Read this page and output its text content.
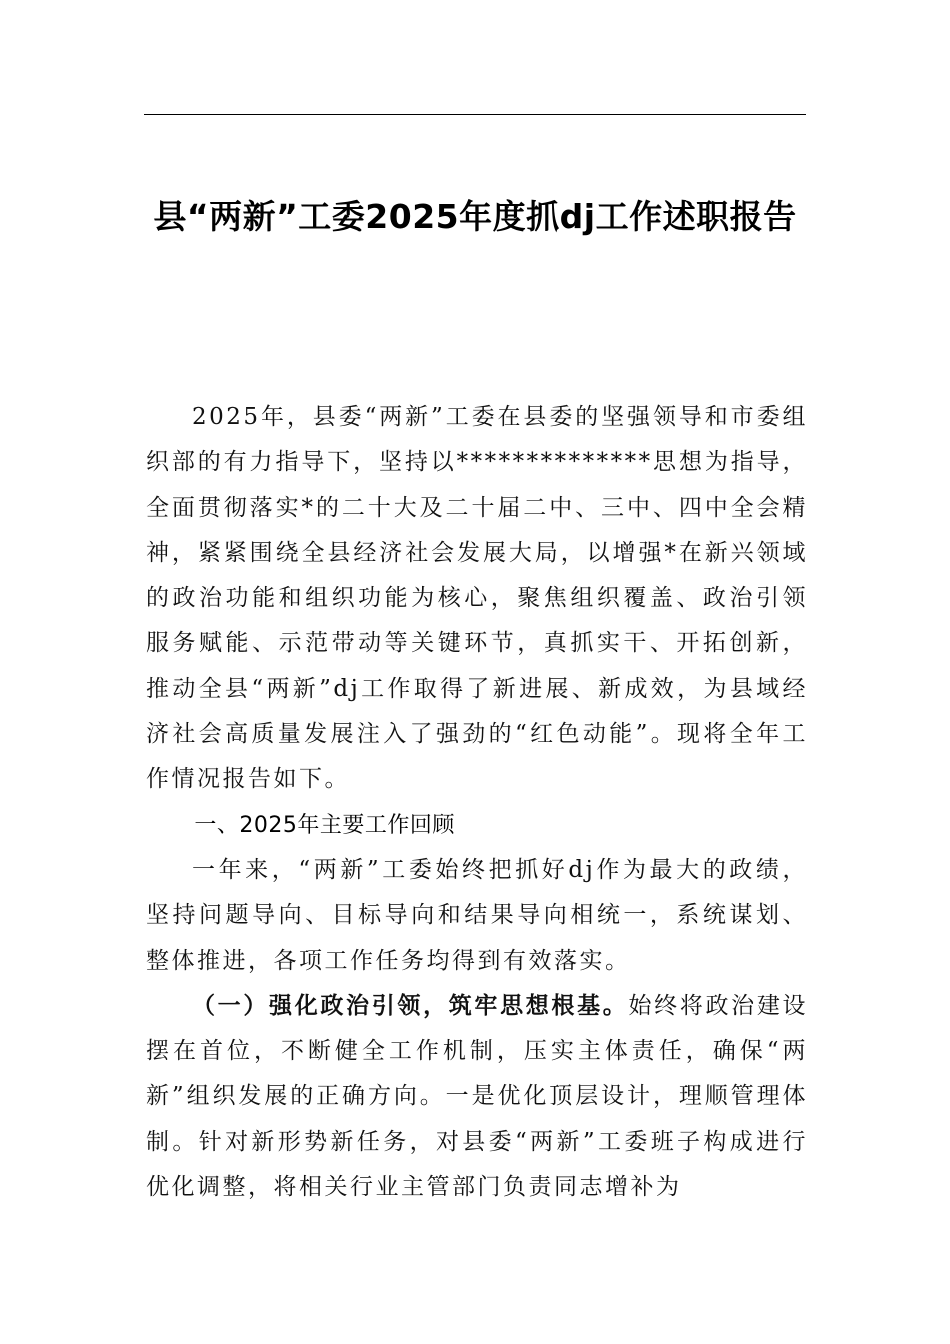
县“两新”工委2025年度抓dj工作述职报告

2025年，县委“两新”工委在县委的坚强领导和市委组织部的有力指导下，坚持以**************思想为指导，全面贯彻落实*的二十大及二十届二中、三中、四中全会精神，紧紧围绕全县经济社会发展大局，以增强*在新兴领域的政治功能和组织功能为核心，聚焦组织覆盖、政治引领服务赋能、示范带动等关键环节，真抓实干、开拓创新，推动全县“两新”dj工作取得了新进展、新成效，为县域经济社会高质量发展注入了强劲的“红色动能”。现将全年工作情况报告如下。

一、2025年主要工作回顾

一年来，“两新”工委始终把抓好dj作为最大的政绩，坚持问题导向、目标导向和结果导向相统一，系统谋划、整体推进，各项工作任务均得到有效落实。

（一）强化政治引领，筑牢思想根基。始终将政治建设摆在首位，不断健全工作机制，压实主体责任，确保“两新”组织发展的正确方向。一是优化顶层设计，理顺管理体制。针对新形势新任务，对县委“两新”工委班子构成进行优化调整，将相关行业主管部门负责同志增补为
